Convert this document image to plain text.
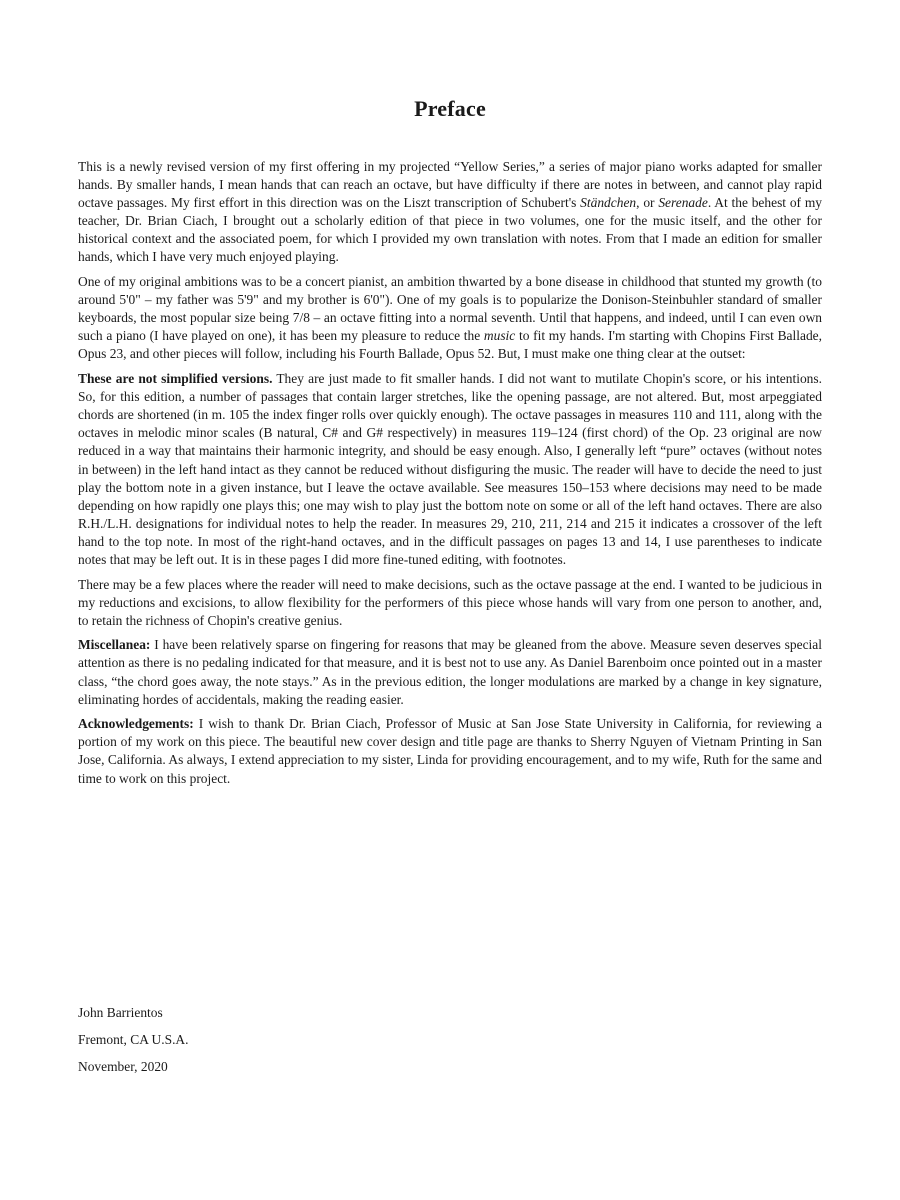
Preface

This is a newly revised version of my first offering in my projected “Yellow Series,” a series of major piano works adapted for smaller hands. By smaller hands, I mean hands that can reach an octave, but have difficulty if there are notes in between, and cannot play rapid octave passages. My first effort in this direction was on the Liszt transcription of Schubert's Ständchen, or Serenade. At the behest of my teacher, Dr. Brian Ciach, I brought out a scholarly edition of that piece in two volumes, one for the music itself, and the other for historical context and the associated poem, for which I provided my own translation with notes. From that I made an edition for smaller hands, which I have very much enjoyed playing.

One of my original ambitions was to be a concert pianist, an ambition thwarted by a bone disease in childhood that stunted my growth (to around 5'0" – my father was 5'9" and my brother is 6'0"). One of my goals is to popularize the Donison-Steinbuhler standard of smaller keyboards, the most popular size being 7/8 – an octave fitting into a normal seventh. Until that happens, and indeed, until I can even own such a piano (I have played on one), it has been my pleasure to reduce the music to fit my hands. I'm starting with Chopins First Ballade, Opus 23, and other pieces will follow, including his Fourth Ballade, Opus 52. But, I must make one thing clear at the outset:

These are not simplified versions. They are just made to fit smaller hands. I did not want to mutilate Chopin's score, or his intentions. So, for this edition, a number of passages that contain larger stretches, like the opening passage, are not altered. But, most arpeggiated chords are shortened (in m. 105 the index finger rolls over quickly enough). The octave passages in measures 110 and 111, along with the octaves in melodic minor scales (B natural, C# and G# respectively) in measures 119–124 (first chord) of the Op. 23 original are now reduced in a way that maintains their harmonic integrity, and should be easy enough. Also, I generally left “pure” octaves (without notes in between) in the left hand intact as they cannot be reduced without disfiguring the music. The reader will have to decide the need to just play the bottom note in a given instance, but I leave the octave available. See measures 150–153 where decisions may need to be made depending on how rapidly one plays this; one may wish to play just the bottom note on some or all of the left hand octaves. There are also R.H./L.H. designations for individual notes to help the reader. In measures 29, 210, 211, 214 and 215 it indicates a crossover of the left hand to the top note. In most of the right-hand octaves, and in the difficult passages on pages 13 and 14, I use parentheses to indicate notes that may be left out. It is in these pages I did more fine-tuned editing, with footnotes.

There may be a few places where the reader will need to make decisions, such as the octave passage at the end. I wanted to be judicious in my reductions and excisions, to allow flexibility for the performers of this piece whose hands will vary from one person to another, and, to retain the richness of Chopin's creative genius.

Miscellanea: I have been relatively sparse on fingering for reasons that may be gleaned from the above. Measure seven deserves special attention as there is no pedaling indicated for that measure, and it is best not to use any. As Daniel Barenboim once pointed out in a master class, “the chord goes away, the note stays.” As in the previous edition, the longer modulations are marked by a change in key signature, eliminating hordes of accidentals, making the reading easier.

Acknowledgements: I wish to thank Dr. Brian Ciach, Professor of Music at San Jose State University in California, for reviewing a portion of my work on this piece. The beautiful new cover design and title page are thanks to Sherry Nguyen of Vietnam Printing in San Jose, California. As always, I extend appreciation to my sister, Linda for providing encouragement, and to my wife, Ruth for the same and time to work on this project.

John Barrientos
Fremont, CA U.S.A.
November, 2020
